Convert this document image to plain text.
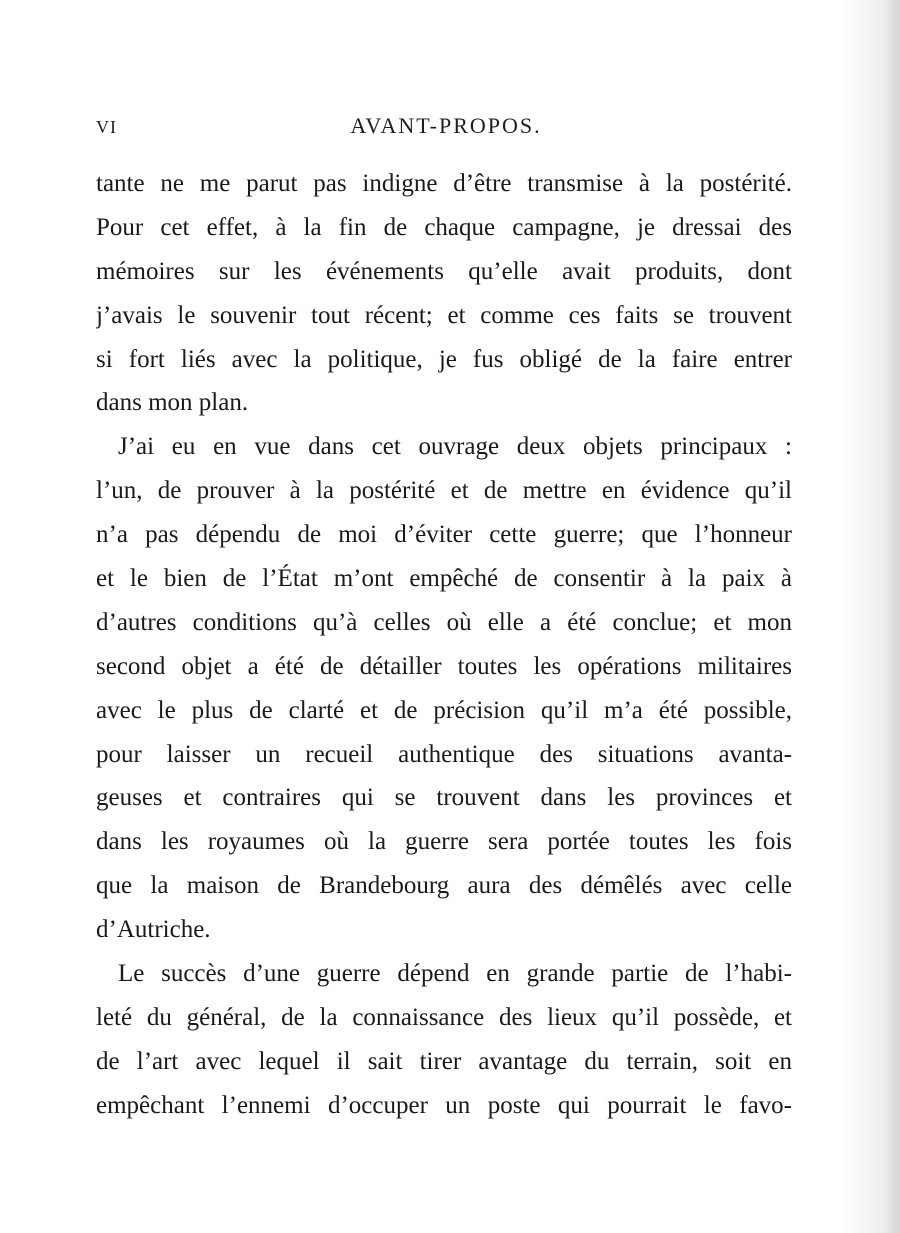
VI	AVANT-PROPOS.
tante ne me parut pas indigne d’être transmise à la postérité.
Pour cet effet, à la fin de chaque campagne, je dressai des
mémoires sur les événements qu’elle avait produits, dont
j’avais le souvenir tout récent; et comme ces faits se trouvent
si fort liés avec la politique, je fus obligé de la faire entrer
dans mon plan.
J’ai eu en vue dans cet ouvrage deux objets principaux :
l’un, de prouver à la postérité et de mettre en évidence qu’il
n’a pas dépendu de moi d’éviter cette guerre; que l’honneur
et le bien de l’État m’ont empêché de consentir à la paix à
d’autres conditions qu’à celles où elle a été conclue; et mon
second objet a été de détailler toutes les opérations militaires
avec le plus de clarté et de précision qu’il m’a été possible,
pour laisser un recueil authentique des situations avanta-
geuses et contraires qui se trouvent dans les provinces et
dans les royaumes où la guerre sera portée toutes les fois
que la maison de Brandebourg aura des démêlés avec celle
d’Autriche.
Le succès d’une guerre dépend en grande partie de l’habi-
leté du général, de la connaissance des lieux qu’il possède, et
de l’art avec lequel il sait tirer avantage du terrain, soit en
empêchant l’ennemi d’occuper un poste qui pourrait le favo-
